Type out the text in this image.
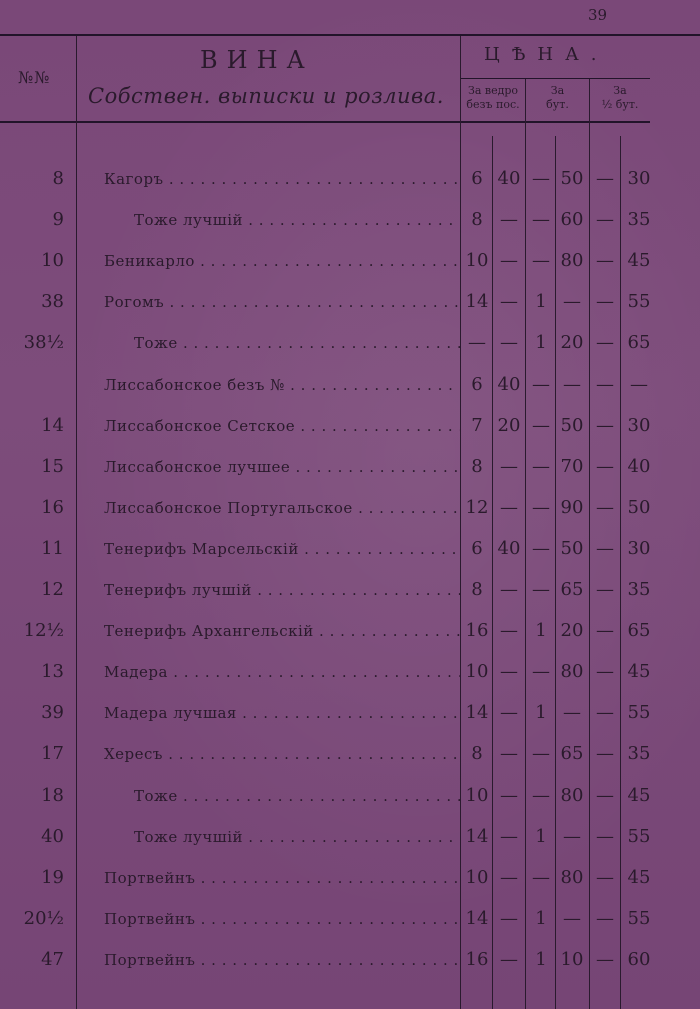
39
№№
ВИНА
Собствен. выписки и розлива.
ЦѢНА.
За ведро
безъ пос.
За
бут.
За
½ бут.
8	Кагоръ . . .	6 40 — 50 — 30
9	Тоже лучшій . . .	8 — — 60 — 35
10	Беникарло . . .	10 — — 80 — 45
38	Рогомъ . . .	14 — 1 — — 55
38½	Тоже . . .	— — 1 20 — 65
Лиссабонское безъ № . . .	6 40 — — — —
14	Лиссабонское Сетское . . .	7 20 — 50 — 30
15	Лиссабонское лучшее . . .	8 — — 70 — 40
16	Лиссабонское Португальское . . .	12 — — 90 — 50
11	Тенерифъ Марсельскій . . .	6 40 — 50 — 30
12	Тенерифъ лучшій . . .	8 — — 65 — 35
12½	Тенерифъ Архангельскій . . .	16 — 1 20 — 65
13	Мадера . . .	10 — — 80 — 45
39	Мадера лучшая . . .	14 — 1 — — 55
17	Хересъ . . .	8 — — 65 — 35
18	Тоже . . .	10 — — 80 — 45
40	Тоже лучшій . . .	14 — 1 — — 55
19	Портвейнъ . . .	10 — — 80 — 45
20½	Портвейнъ . . .	14 — 1 — — 55
47	Портвейнъ . . .	16 — 1 10 — 60
